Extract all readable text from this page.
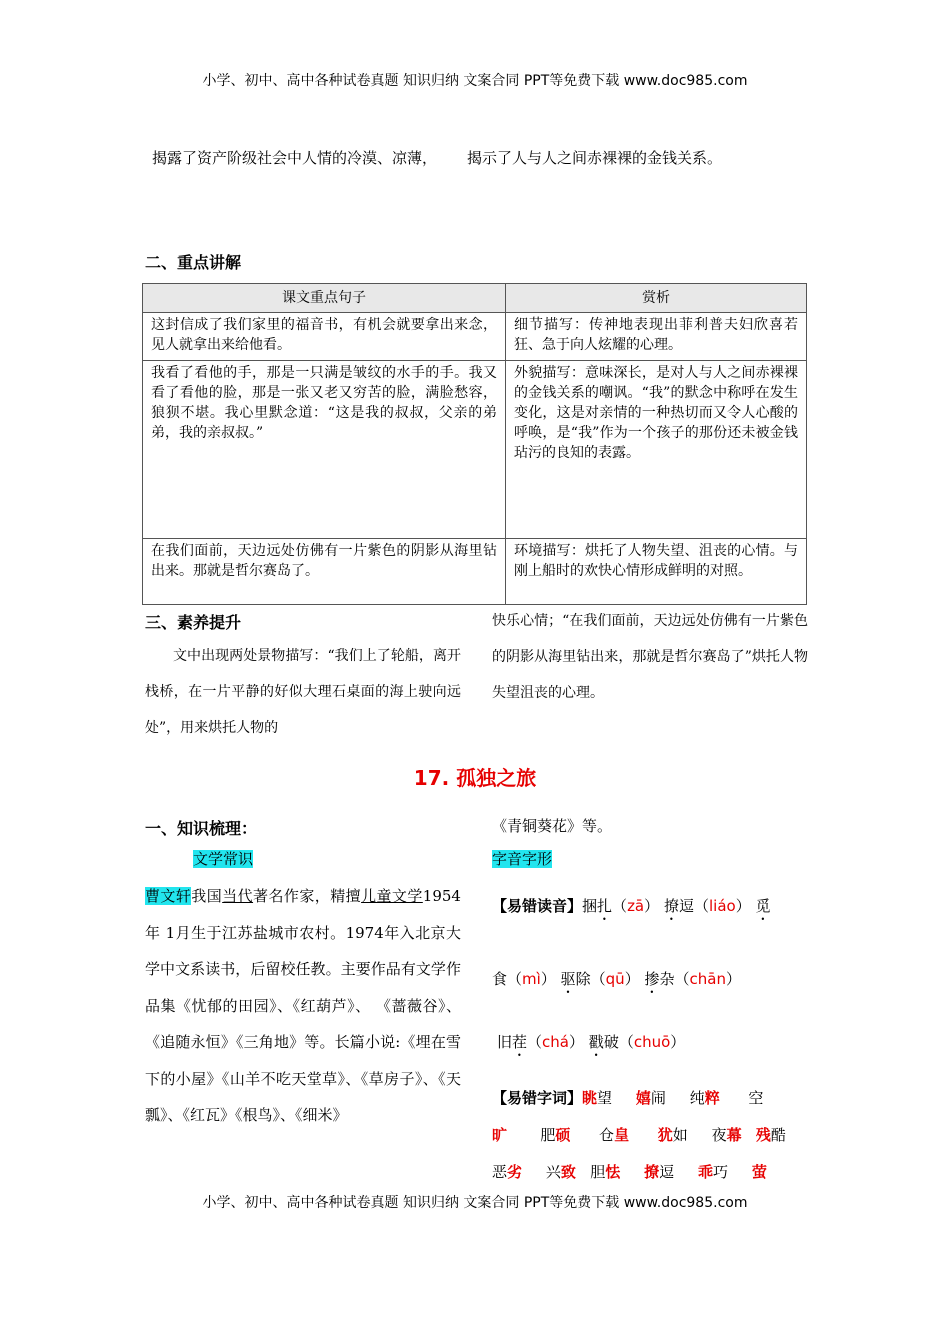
小学、初中、高中各种试卷真题 知识归纳 文案合同 PPT等免费下载 www.doc985.com
揭露了资产阶级社会中人情的冷漠、凉薄， 揭示了人与人之间赤裸裸的金钱关系。
二、重点讲解
课文重点句子	赏析
这封信成了我们家里的福音书，有机会就要拿出来念，见人就拿出来给他看。	细节描写：传神地表现出菲利普夫妇欣喜若狂、急于向人炫耀的心理。
我看了看他的手，那是一只满是皱纹的水手的手。我又看了看他的脸，那是一张又老又穷苦的脸，满脸愁容，狼狈不堪。我心里默念道：“这是我的叔叔，父亲的弟弟，我的亲叔叔。”	外貌描写：意味深长，是对人与人之间赤裸裸的金钱关系的嘲讽。“我”的默念中称呼在发生变化，这是对亲情的一种热切而又令人心酸的呼唤，是“我”作为一个孩子的那份还未被金钱玷污的良知的表露。
在我们面前，天边远处仿佛有一片紫色的阴影从海里钻出来。那就是哲尔赛岛了。	环境描写：烘托了人物失望、沮丧的心情。与刚上船时的欢快心情形成鲜明的对照。
三、素养提升
文中出现两处景物描写：“我们上了轮船，离开栈桥，在一片平静的好似大理石桌面的海上驶向远处”，用来烘托人物的
快乐心情；“在我们面前，天边远处仿佛有一片紫色的阴影从海里钻出来，那就是哲尔赛岛了”烘托人物失望沮丧的心理。
17. 孤独之旅
一、知识梳理：
文学常识
曹文轩我国当代著名作家，精擅儿童文学1954年 1月生于江苏盐城市农村。1974年入北京大学中文系读书，后留校任教。主要作品有文学作品集《忧郁的田园》、《红葫芦》、 《蔷薇谷》、《追随永恒》《三角地》等。长篇小说:《埋在雪下的小屋》《山羊不吃天堂草》、《草房子》、《天瓢》、《红瓦》《根鸟》、《细米》
《青铜葵花》等。
字音字形
【易错读音】捆扎（zā） 撩逗（liáo） 觅
食（mì） 驱除（qū） 掺杂（chān）
旧茬（chá） 戳破（chuō）
【易错字词】眺望 嬉闹 纯粹 空
旷 肥硕 仓皇 犹如 夜幕 残酷
恶劣 兴致 胆怯 撩逗 乖巧 萤
小学、初中、高中各种试卷真题 知识归纳 文案合同 PPT等免费下载 www.doc985.com
